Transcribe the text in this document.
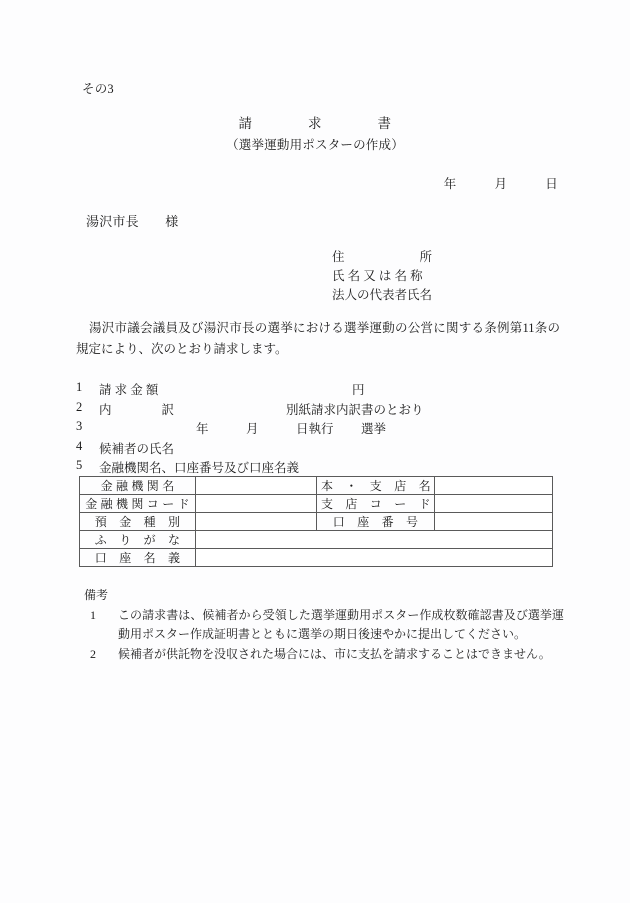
その3
請　　　　求　　　　書
（選挙運動用ポスターの作成）
年　　　月　　　日
湯沢市長　　様
住　　　　　　所
氏 名 又 は 名 称
法人の代表者氏名
湯沢市議会議員及び湯沢市長の選挙における選挙運動の公営に関する条例第11条の規定により、次のとおり請求します。

1

請 求 金 額

	円

2

内　　　　訳

	別紙請求内訳書のとおり

3

	年　　　月　　　日執行

選挙

4

候補者の氏名

5

金融機関名、口座番号及び口座名義

金 融 機 関 名		本　・　支　店　名	
金 融 機 関 コ ー ド		支　店　コ　ー　ド	
預　金　種　別		口　座　番　号	
ふ　り　が　な			
口　座　名　義			
備考
1 この請求書は、候補者から受領した選挙運動用ポスター作成枚数確認書及び選挙運動用ポスター作成証明書とともに選挙の期日後速やかに提出してください。
2 候補者が供託物を没収された場合には、市に支払を請求することはできません。
